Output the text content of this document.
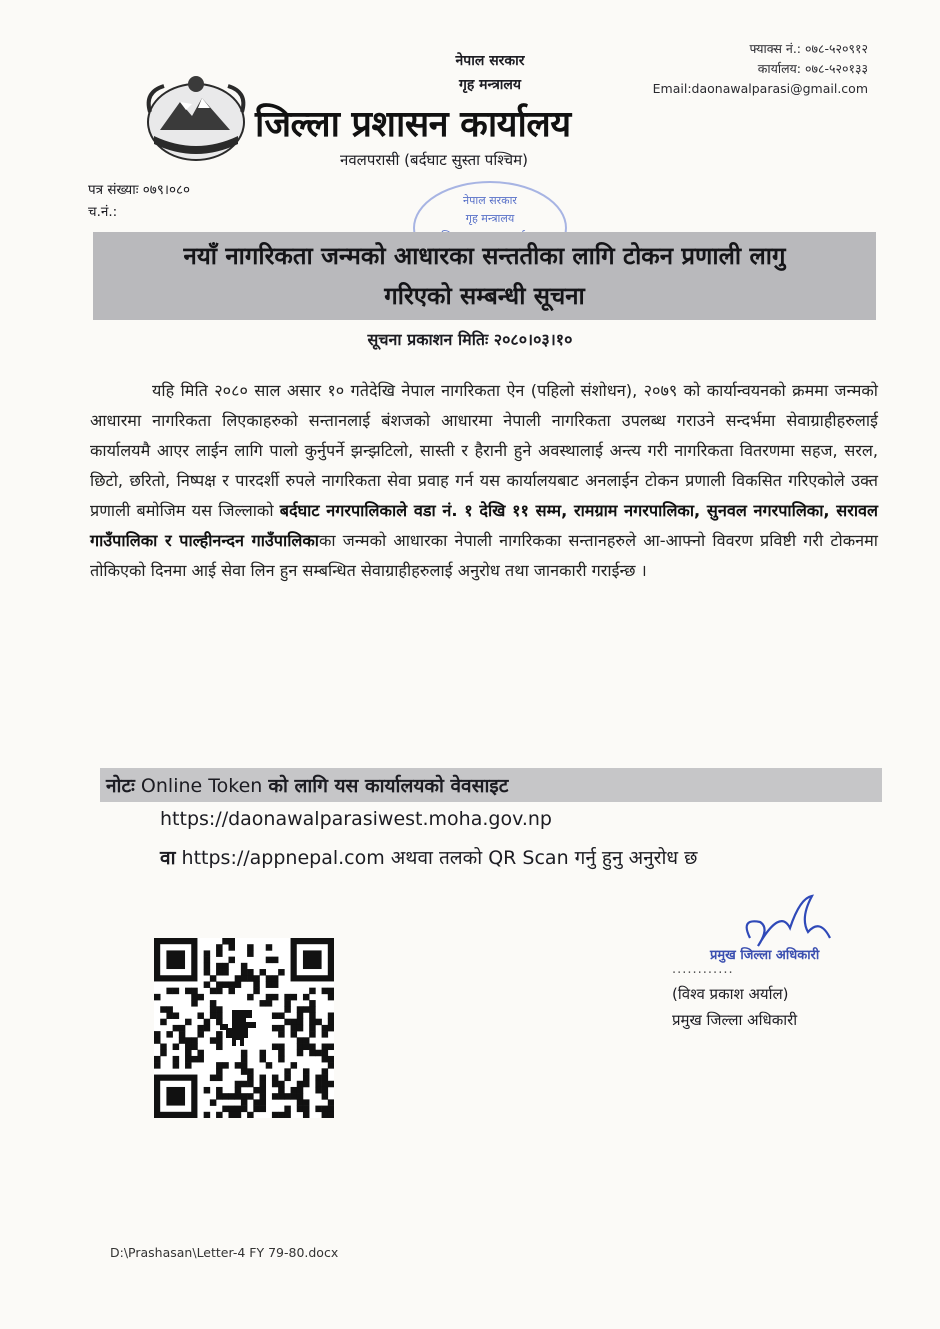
फ्याक्स नं.: ०७८-५२०९१२
कार्यालय: ०७८-५२०१३३
Email:daonawalparasi@gmail.com
नेपाल सरकार
गृह मन्त्रालय
जिल्ला प्रशासन कार्यालय
नवलपरासी (बर्दघाट सुस्ता पश्चिम)
पत्र संख्याः ०७९।०८०
च.नं.:
नेपाल सरकार
गृह मन्त्रालय
नयाँ नागरिकता जन्मको आधारका सन्ततीका लागि टोकन प्रणाली लागु
गरिएको सम्बन्धी सूचना
सूचना प्रकाशन मितिः २०८०।०३।१०
यहि मिति २०८० साल असार १० गतेदेखि नेपाल नागरिकता ऐन (पहिलो संशोधन), २०७९ को कार्यान्वयनको क्रममा जन्मको आधारमा नागरिकता लिएकाहरुको सन्तानलाई बंशजको आधारमा नेपाली नागरिकता उपलब्ध गराउने सन्दर्भमा सेवाग्राहीहरुलाई कार्यालयमै आएर लाईन लागि पालो कुर्नुपर्ने झन्झटिलो, सास्ती र हैरानी हुने अवस्थालाई अन्त्य गरी नागरिकता वितरणमा सहज, सरल, छिटो, छरितो, निष्पक्ष र पारदर्शी रुपले नागरिकता सेवा प्रवाह गर्न यस कार्यालयबाट अनलाईन टोकन प्रणाली विकसित गरिएकोले उक्त प्रणाली बमोजिम यस जिल्लाको बर्दघाट नगरपालिकाले वडा नं. १ देखि ११ सम्म, रामग्राम नगरपालिका, सुनवल नगरपालिका, सरावल गाउँपालिका र पाल्हीनन्दन गाउँपालिकाका जन्मको आधारका नेपाली नागरिकका सन्तानहरुले आ-आफ्नो विवरण प्रविष्टी गरी टोकनमा तोकिएको दिनमा आई सेवा लिन हुन सम्बन्धित सेवाग्राहीहरुलाई अनुरोध तथा जानकारी गराईन्छ ।
नोटः Online Token को लागि यस कार्यालयको वेवसाइट
https://daonawalparasiwest.moha.gov.np
वा https://appnepal.com अथवा तलको QR Scan गर्नु हुनु अनुरोध छ
प्रमुख जिल्ला अधिकारी
............
(विश्व प्रकाश अर्याल)
प्रमुख जिल्ला अधिकारी
D:\Prashasan\Letter-4 FY 79-80.docx
